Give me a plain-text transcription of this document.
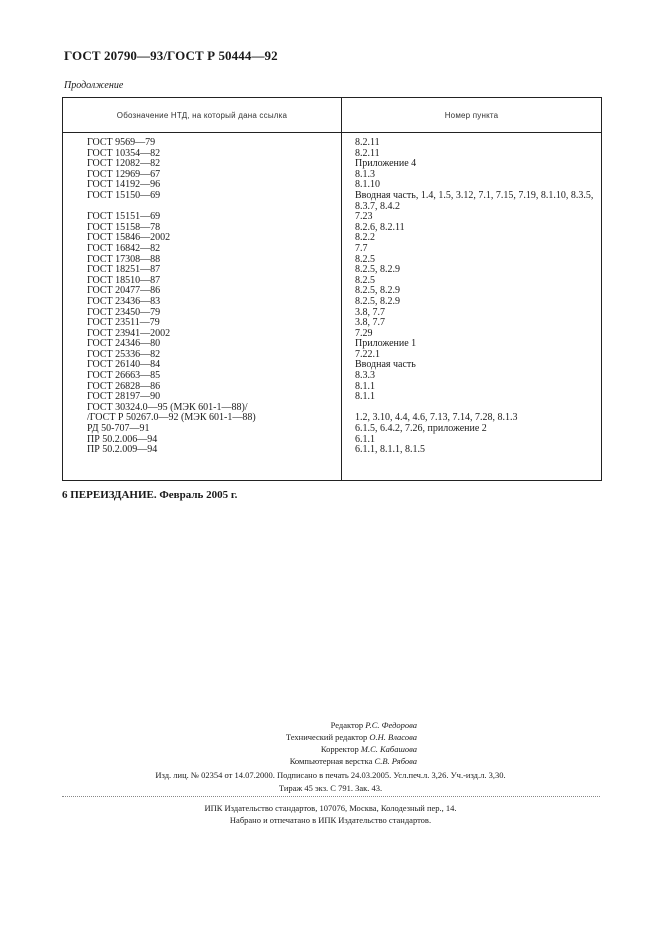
ГОСТ 20790—93/ГОСТ Р 50444—92
Продолжение
Обозначение НТД, на который дана ссылка	Номер пункта
ГОСТ 9569—79	8.2.11
ГОСТ 10354—82	8.2.11
ГОСТ 12082—82	Приложение 4
ГОСТ 12969—67	8.1.3
ГОСТ 14192—96	8.1.10
ГОСТ 15150—69	Вводная часть, 1.4, 1.5, 3.12, 7.1, 7.15, 7.19, 8.1.10, 8.3.5, 8.3.7, 8.4.2
ГОСТ 15151—69	7.23
ГОСТ 15158—78	8.2.6, 8.2.11
ГОСТ 15846—2002	8.2.2
ГОСТ 16842—82	7.7
ГОСТ 17308—88	8.2.5
ГОСТ 18251—87	8.2.5, 8.2.9
ГОСТ 18510—87	8.2.5
ГОСТ 20477—86	8.2.5, 8.2.9
ГОСТ 23436—83	8.2.5, 8.2.9
ГОСТ 23450—79	3.8, 7.7
ГОСТ 23511—79	3.8, 7.7
ГОСТ 23941—2002	7.29
ГОСТ 24346—80	Приложение 1
ГОСТ 25336—82	7.22.1
ГОСТ 26140—84	Вводная часть
ГОСТ 26663—85	8.3.3
ГОСТ 26828—86	8.1.1
ГОСТ 28197—90	8.1.1
ГОСТ 30324.0—95 (МЭК 601-1—88)/
/ГОСТ Р 50267.0—92 (МЭК 601-1—88)	1.2, 3.10, 4.4, 4.6, 7.13, 7.14, 7.28, 8.1.3
РД 50-707—91	6.1.5, 6.4.2, 7.26, приложение 2
ПР 50.2.006—94	6.1.1
ПР 50.2.009—94	6.1.1, 8.1.1, 8.1.5
6 ПЕРЕИЗДАНИЕ. Февраль 2005 г.
Редактор Р.С. Федорова
Технический редактор О.Н. Власова
Корректор М.С. Кабашова
Компьютерная верстка С.В. Рябова
Изд. лиц. № 02354 от 14.07.2000. Подписано в печать 24.03.2005. Усл.печ.л. 3,26. Уч.-изд.л. 3,30.
Тираж 45 экз. С 791. Зак. 43.
ИПК Издательство стандартов, 107076, Москва, Колодезный пер., 14.
Набрано и отпечатано в ИПК Издательство стандартов.
